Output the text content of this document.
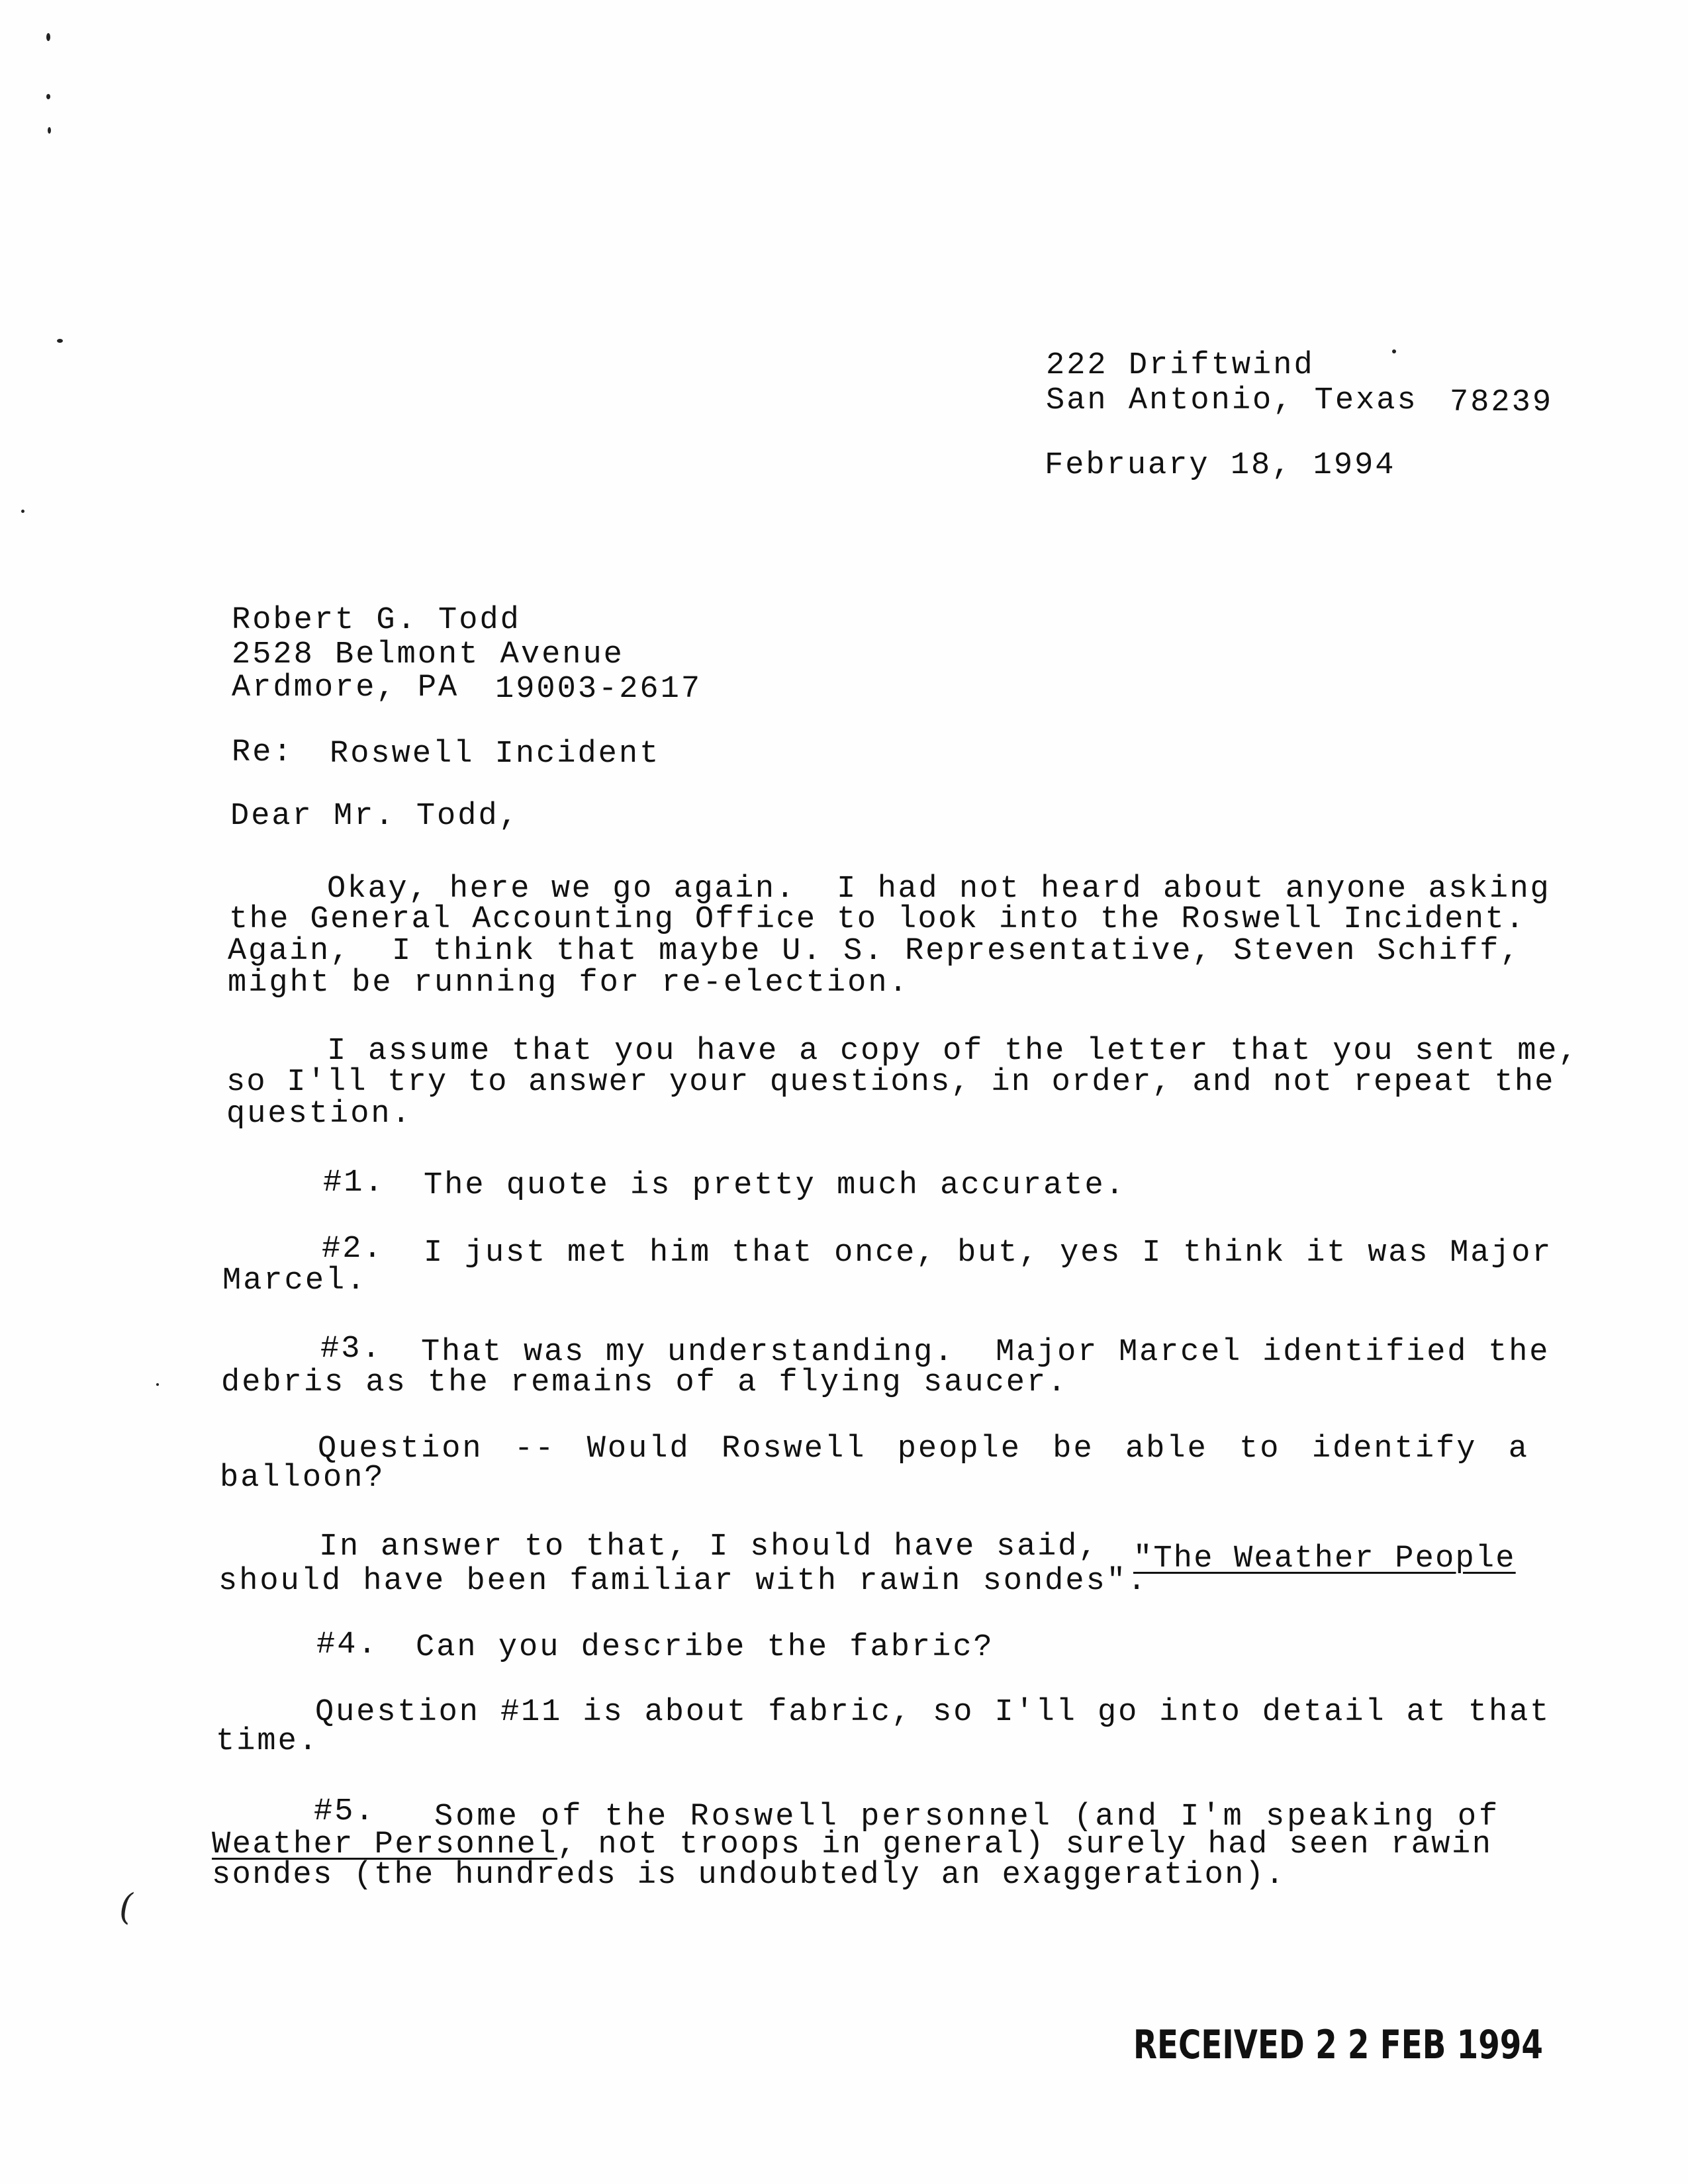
(
222 Driftwind
San Antonio, Texas 78239
February 18, 1994
Robert G. Todd
2528 Belmont Avenue
Ardmore, PA 19003-2617
Re: Roswell Incident
Dear Mr. Todd,
Okay, here we go again.  I had not heard about anyone asking
the General Accounting Office to look into the Roswell Incident.
Again,  I think that maybe U. S. Representative, Steven Schiff,
might be running for re-election.
I assume that you have a copy of the letter that you sent me,
so I'll try to answer your questions, in order, and not repeat the
question.
#1. The quote is pretty much accurate.
#2. I just met him that once, but, yes I think it was Major
Marcel.
#3. That was my understanding.  Major Marcel identified the
debris as the remains of a flying saucer.
Question -- Would Roswell people be able to identify a
balloon?
In answer to that, I should have said, "The Weather People
should have been familiar with rawin sondes".
#4. Can you describe the fabric?
Question #11 is about fabric, so I'll go into detail at that
time.
#5. Some of the Roswell personnel (and I'm speaking of
Weather Personnel, not troops in general) surely had seen rawin
sondes (the hundreds is undoubtedly an exaggeration).
RECEIVED 2 2 FEB 1994
